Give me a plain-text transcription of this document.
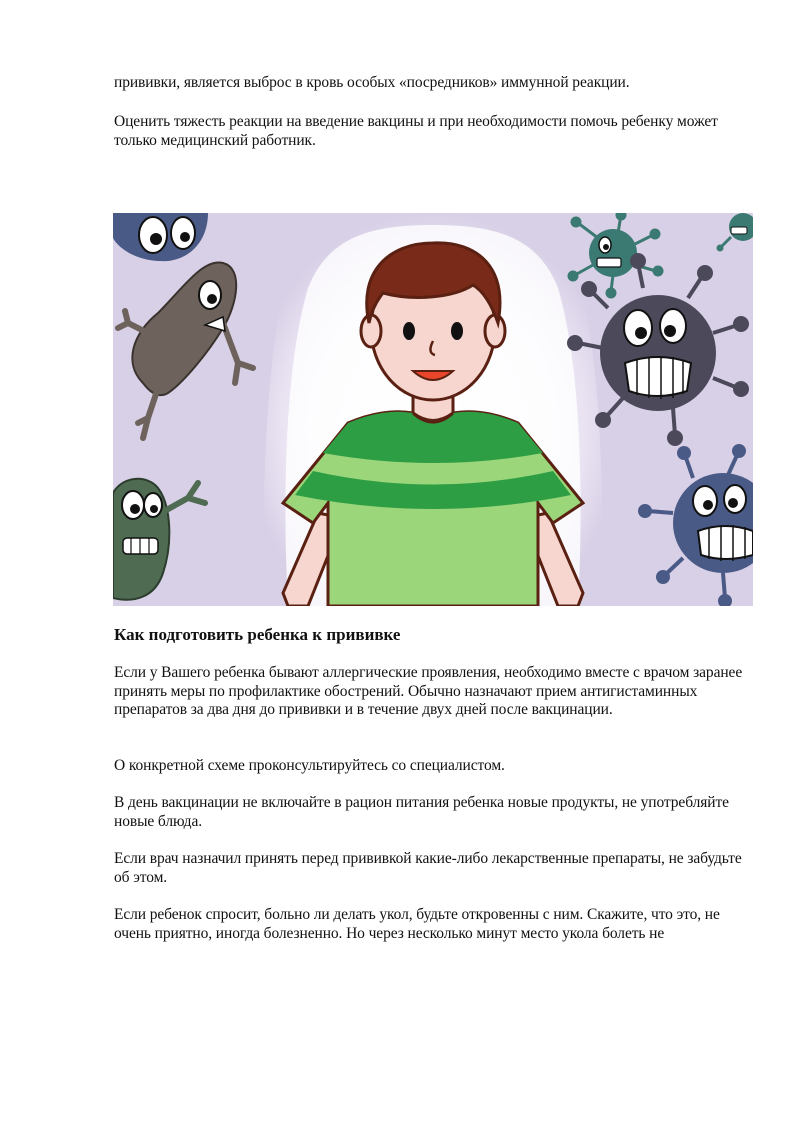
прививки, является выброс в кровь особых «посредников» иммунной реакции.

Оценить тяжесть реакции на введение вакцины и при необходимости помочь ребенку может только медицинский работник.

Как подготовить ребенка к прививке

Если у Вашего ребенка бывают аллергические проявления, необходимо вместе с врачом заранее принять меры по профилактике обострений. Обычно назначают прием антигистаминных препаратов за два дня до прививки и в течение двух дней после вакцинации.

О конкретной схеме проконсультируйтесь со специалистом.

В день вакцинации не включайте в рацион питания ребенка новые продукты, не употребляйте новые блюда.

Если врач назначил принять перед прививкой какие-либо лекарственные препараты, не забудьте об этом.

Если ребенок спросит, больно ли делать укол, будьте откровенны с ним. Скажите, что это, не очень приятно, иногда болезненно. Но через несколько минут место укола болеть не
